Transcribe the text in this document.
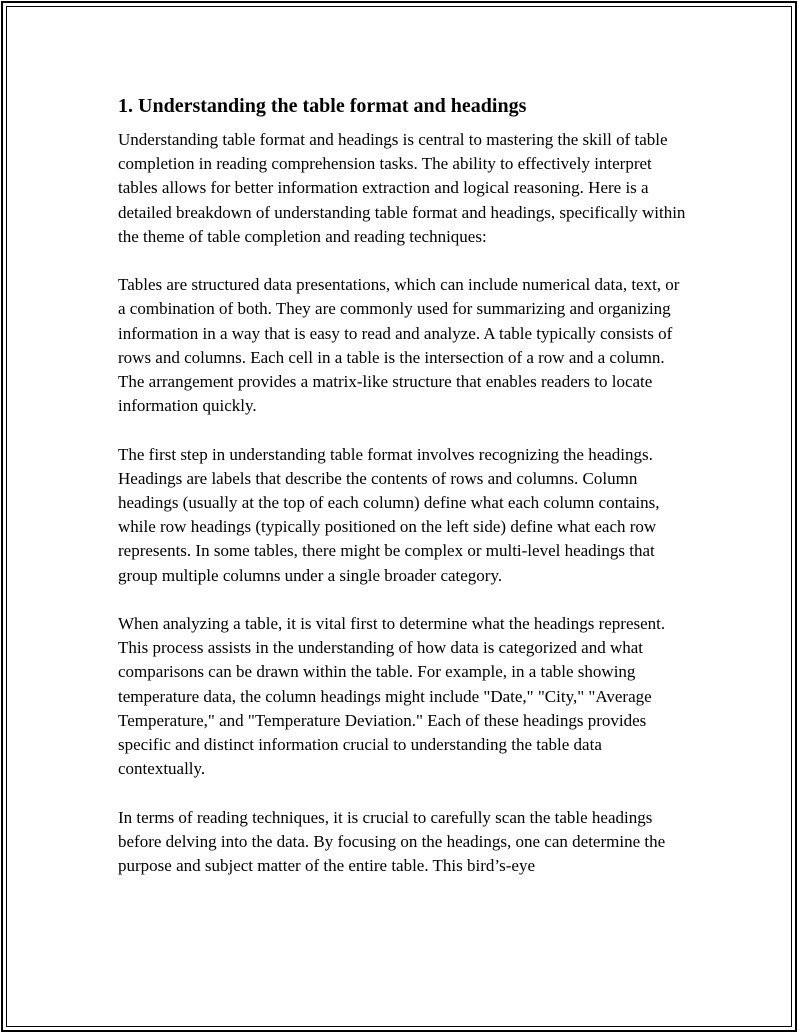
1. Understanding the table format and headings

Understanding table format and headings is central to mastering the skill of table completion in reading comprehension tasks. The ability to effectively interpret tables allows for better information extraction and logical reasoning. Here is a detailed breakdown of understanding table format and headings, specifically within the theme of table completion and reading techniques:

Tables are structured data presentations, which can include numerical data, text, or a combination of both. They are commonly used for summarizing and organizing information in a way that is easy to read and analyze. A table typically consists of rows and columns. Each cell in a table is the intersection of a row and a column. The arrangement provides a matrix-like structure that enables readers to locate information quickly.

The first step in understanding table format involves recognizing the headings. Headings are labels that describe the contents of rows and columns. Column headings (usually at the top of each column) define what each column contains, while row headings (typically positioned on the left side) define what each row represents. In some tables, there might be complex or multi-level headings that group multiple columns under a single broader category.

When analyzing a table, it is vital first to determine what the headings represent. This process assists in the understanding of how data is categorized and what comparisons can be drawn within the table. For example, in a table showing temperature data, the column headings might include "Date," "City," "Average Temperature," and "Temperature Deviation." Each of these headings provides specific and distinct information crucial to understanding the table data contextually.

In terms of reading techniques, it is crucial to carefully scan the table headings before delving into the data. By focusing on the headings, one can determine the purpose and subject matter of the entire table. This bird’s-eye
